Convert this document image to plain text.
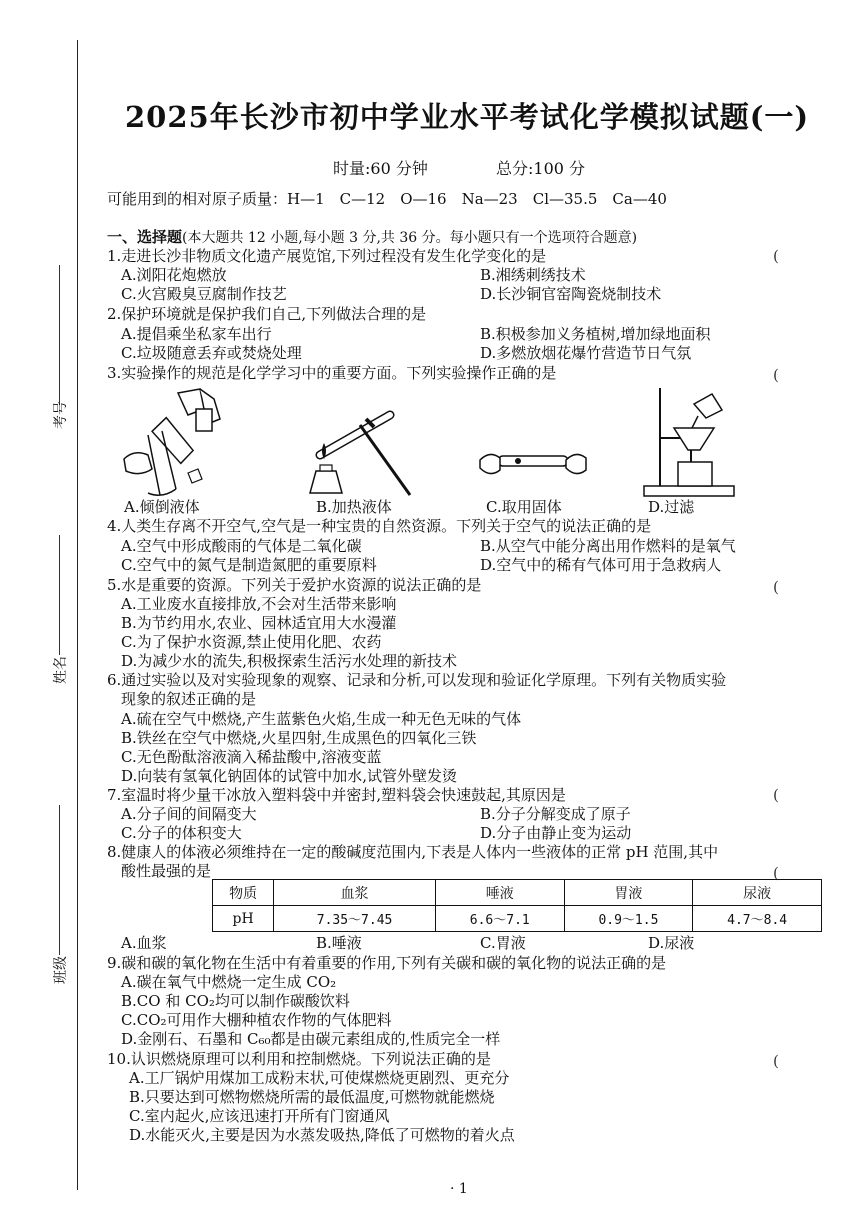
考号
姓名
班级
2025年长沙市初中学业水平考试化学模拟试题(一)
时量:60 分钟	总分:100 分
可能用到的相对原子质量：H—1　C—12　O—16　Na—23　Cl—35.5　Ca—40
一、选择题(本大题共 12 小题,每小题 3 分,共 36 分。每小题只有一个选项符合题意)
1.走进长沙非物质文化遗产展览馆,下列过程没有发生化学变化的是	(
A.浏阳花炮燃放	B.湘绣刺绣技术
C.火宫殿臭豆腐制作技艺	D.长沙铜官窑陶瓷烧制技术
2.保护环境就是保护我们自己,下列做法合理的是
A.提倡乘坐私家车出行	B.积极参加义务植树,增加绿地面积
C.垃圾随意丢弃或焚烧处理	D.多燃放烟花爆竹营造节日气氛
3.实验操作的规范是化学学习中的重要方面。下列实验操作正确的是	(
A.倾倒液体	B.加热液体	C.取用固体	D.过滤
4.人类生存离不开空气,空气是一种宝贵的自然资源。下列关于空气的说法正确的是
A.空气中形成酸雨的气体是二氧化碳	B.从空气中能分离出用作燃料的是氧气
C.空气中的氮气是制造氮肥的重要原料	D.空气中的稀有气体可用于急救病人
5.水是重要的资源。下列关于爱护水资源的说法正确的是	(
A.工业废水直接排放,不会对生活带来影响
B.为节约用水,农业、园林适宜用大水漫灌
C.为了保护水资源,禁止使用化肥、农药
D.为减少水的流失,积极探索生活污水处理的新技术
6.通过实验以及对实验现象的观察、记录和分析,可以发现和验证化学原理。下列有关物质实验
现象的叙述正确的是
A.硫在空气中燃烧,产生蓝紫色火焰,生成一种无色无味的气体
B.铁丝在空气中燃烧,火星四射,生成黑色的四氧化三铁
C.无色酚酞溶液滴入稀盐酸中,溶液变蓝
D.向装有氢氧化钠固体的试管中加水,试管外壁发烫
7.室温时将少量干冰放入塑料袋中并密封,塑料袋会快速鼓起,其原因是	(
A.分子间的间隔变大	B.分子分解变成了原子
C.分子的体积变大	D.分子由静止变为运动
8.健康人的体液必须维持在一定的酸碱度范围内,下表是人体内一些液体的正常 pH 范围,其中
酸性最强的是	(
物质	血浆	唾液	胃液	尿液
pH	7.35～7.45	6.6～7.1	0.9～1.5	4.7～8.4
A.血浆	B.唾液	C.胃液	D.尿液
9.碳和碳的氧化物在生活中有着重要的作用,下列有关碳和碳的氧化物的说法正确的是
A.碳在氧气中燃烧一定生成 CO₂
B.CO 和 CO₂均可以制作碳酸饮料
C.CO₂可用作大棚种植农作物的气体肥料
D.金刚石、石墨和 C₆₀都是由碳元素组成的,性质完全一样
10.认识燃烧原理可以利用和控制燃烧。下列说法正确的是	(
A.工厂锅炉用煤加工成粉末状,可使煤燃烧更剧烈、更充分
B.只要达到可燃物燃烧所需的最低温度,可燃物就能燃烧
C.室内起火,应该迅速打开所有门窗通风
D.水能灭火,主要是因为水蒸发吸热,降低了可燃物的着火点
· 1
